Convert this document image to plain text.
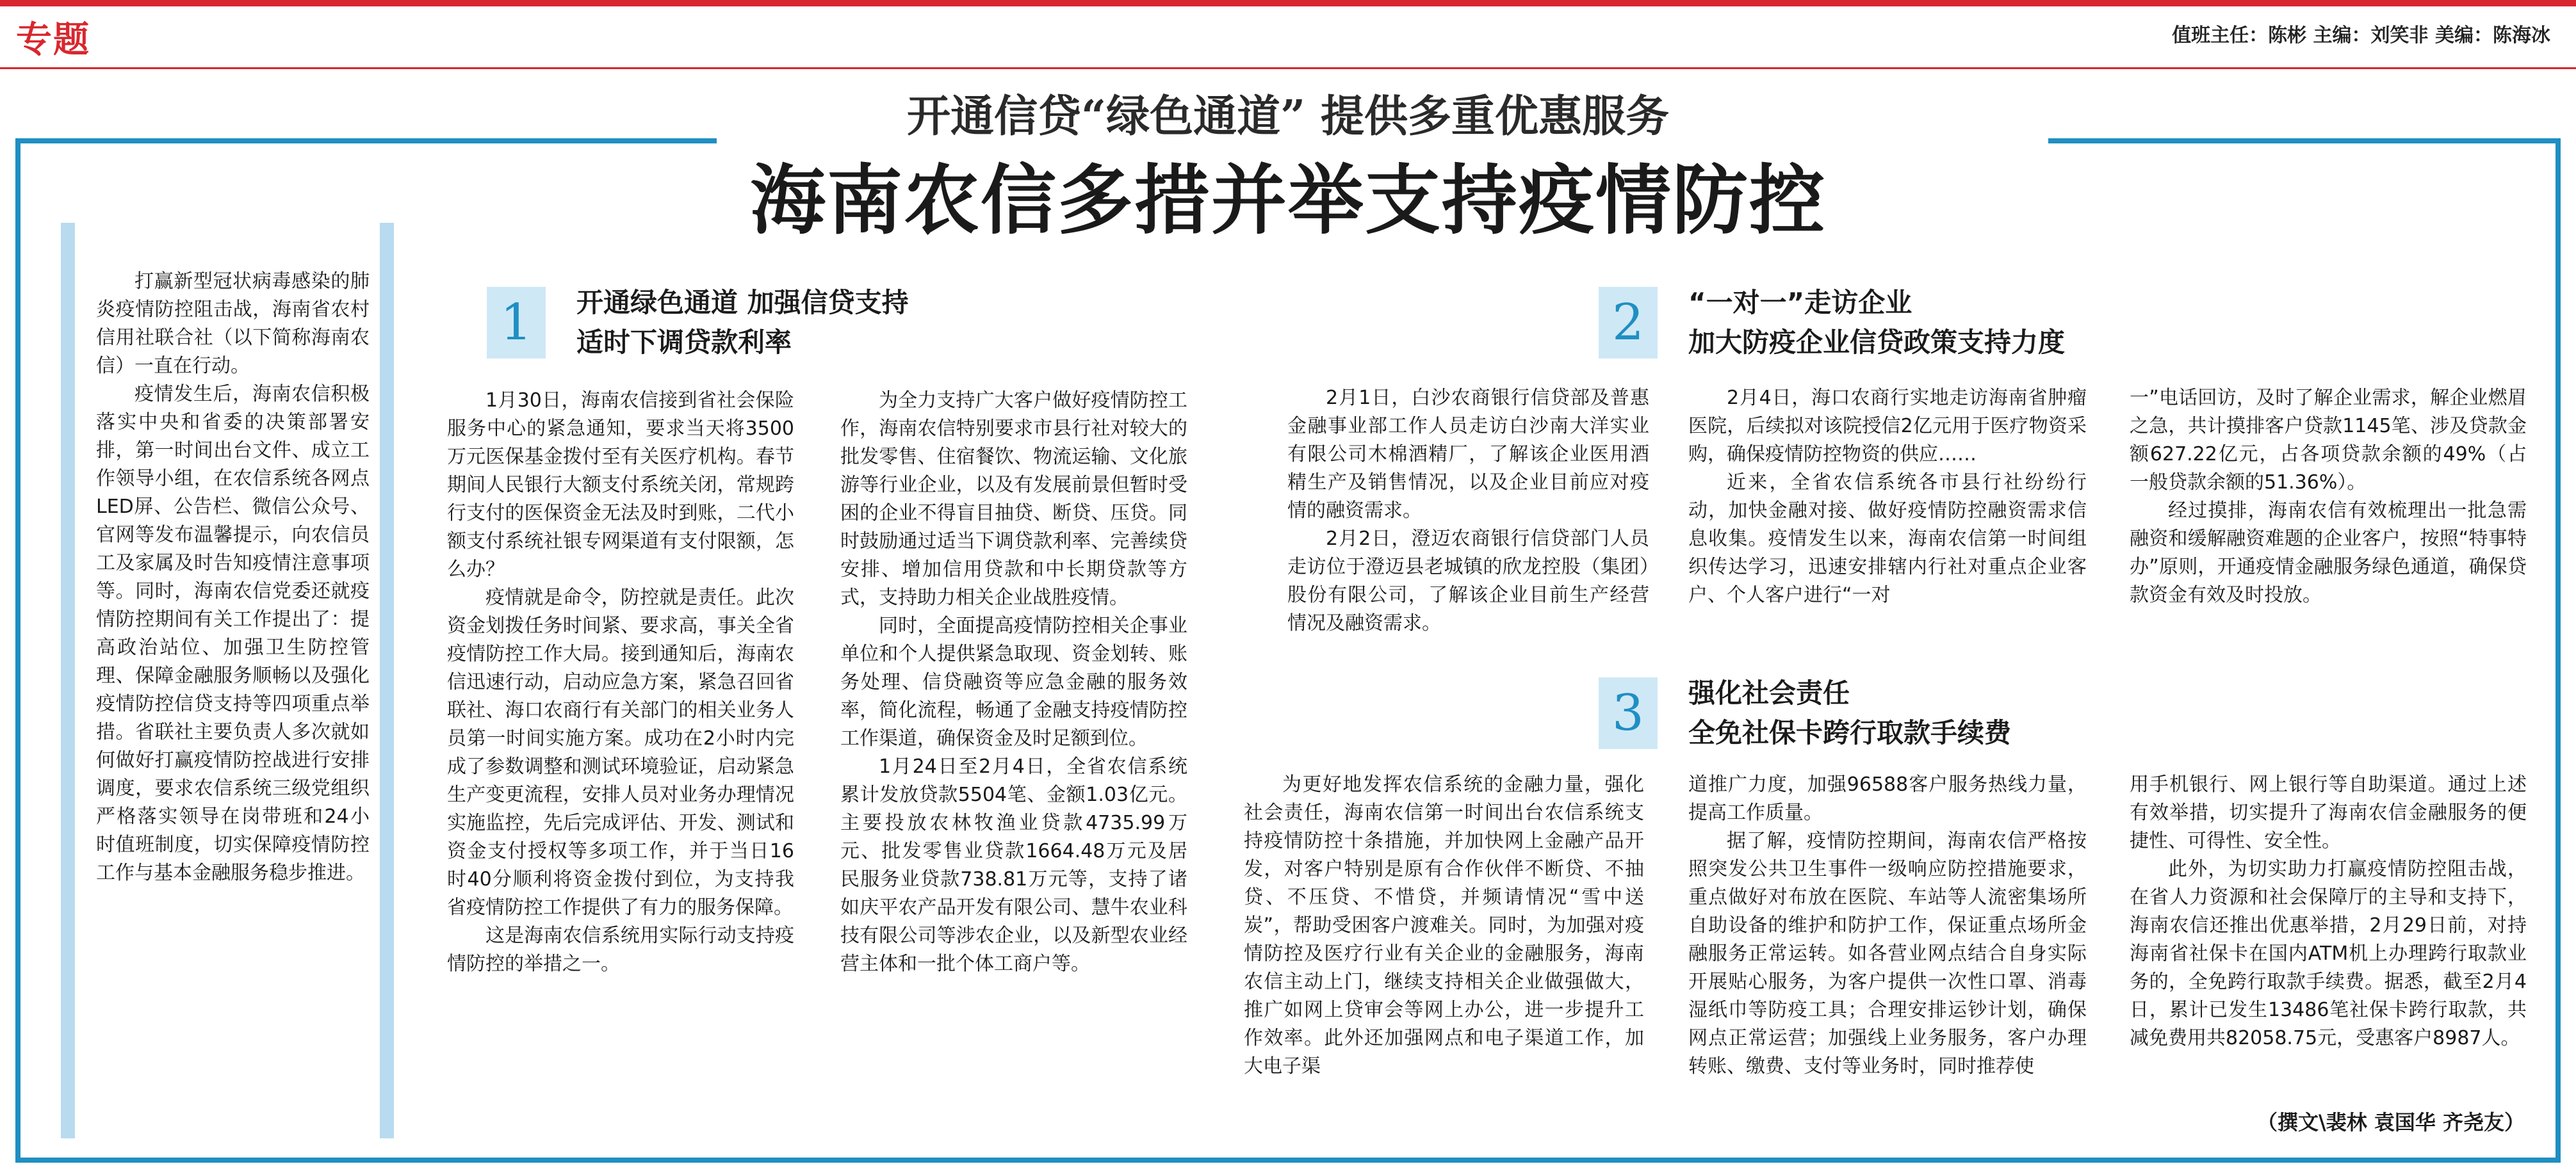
专题	值班主任：陈彬 主编：刘笑非 美编：陈海冰
开通信贷“绿色通道” 提供多重优惠服务
海南农信多措并举支持疫情防控

打赢新型冠状病毒感染的肺炎疫情防控阻击战，海南省农村信用社联合社（以下简称海南农信）一直在行动。

疫情发生后，海南农信积极落实中央和省委的决策部署安排，第一时间出台文件、成立工作领导小组，在农信系统各网点LED屏、公告栏、微信公众号、官网等发布温馨提示，向农信员工及家属及时告知疫情注意事项等。同时，海南农信党委还就疫情防控期间有关工作提出了：提高政治站位、加强卫生防控管理、保障金融服务顺畅以及强化疫情防控信贷支持等四项重点举措。省联社主要负责人多次就如何做好打赢疫情防控战进行安排调度，要求农信系统三级党组织严格落实领导在岗带班和24小时值班制度，切实保障疫情防控工作与基本金融服务稳步推进。

1	开通绿色通道 加强信贷支持
适时下调贷款利率

1月30日，海南农信接到省社会保险服务中心的紧急通知，要求当天将3500万元医保基金拨付至有关医疗机构。春节期间人民银行大额支付系统关闭，常规跨行支付的医保资金无法及时到账，二代小额支付系统社银专网渠道有支付限额，怎么办？

疫情就是命令，防控就是责任。此次资金划拨任务时间紧、要求高，事关全省疫情防控工作大局。接到通知后，海南农信迅速行动，启动应急方案，紧急召回省联社、海口农商行有关部门的相关业务人员第一时间实施方案。成功在2小时内完成了参数调整和测试环境验证，启动紧急生产变更流程，安排人员对业务办理情况实施监控，先后完成评估、开发、测试和资金支付授权等多项工作，并于当日16时40分顺利将资金拨付到位，为支持我省疫情防控工作提供了有力的服务保障。

这是海南农信系统用实际行动支持疫情防控的举措之一。

为全力支持广大客户做好疫情防控工作，海南农信特别要求市县行社对较大的批发零售、住宿餐饮、物流运输、文化旅游等行业企业，以及有发展前景但暂时受困的企业不得盲目抽贷、断贷、压贷。同时鼓励通过适当下调贷款利率、完善续贷安排、增加信用贷款和中长期贷款等方式，支持助力相关企业战胜疫情。

同时，全面提高疫情防控相关企事业单位和个人提供紧急取现、资金划转、账务处理、信贷融资等应急金融的服务效率，简化流程，畅通了金融支持疫情防控工作渠道，确保资金及时足额到位。

1月24日至2月4日，全省农信系统累计发放贷款5504笔、金额1.03亿元。主要投放农林牧渔业贷款4735.99万元、批发零售业贷款1664.48万元及居民服务业贷款738.81万元等，支持了诸如庆平农产品开发有限公司、慧牛农业科技有限公司等涉农企业，以及新型农业经营主体和一批个体工商户等。

2	“一对一”走访企业
加大防疫企业信贷政策支持力度

2月1日，白沙农商银行信贷部及普惠金融事业部工作人员走访白沙南大洋实业有限公司木棉酒精厂，了解该企业医用酒精生产及销售情况，以及企业目前应对疫情的融资需求。

2月2日，澄迈农商银行信贷部门人员走访位于澄迈县老城镇的欣龙控股（集团）股份有限公司，了解该企业目前生产经营情况及融资需求。

2月4日，海口农商行实地走访海南省肿瘤医院，后续拟对该院授信2亿元用于医疗物资采购，确保疫情防控物资的供应……

近来，全省农信系统各市县行社纷纷行动，加快金融对接、做好疫情防控融资需求信息收集。疫情发生以来，海南农信第一时间组织传达学习，迅速安排辖内行社对重点企业客户、个人客户进行“一对

一”电话回访，及时了解企业需求，解企业燃眉之急，共计摸排客户贷款1145笔、涉及贷款金额627.22亿元，占各项贷款余额的49%（占一般贷款余额的51.36%）。

经过摸排，海南农信有效梳理出一批急需融资和缓解融资难题的企业客户，按照“特事特办”原则，开通疫情金融服务绿色通道，确保贷款资金有效及时投放。

3	强化社会责任
全免社保卡跨行取款手续费

为更好地发挥农信系统的金融力量，强化社会责任，海南农信第一时间出台农信系统支持疫情防控十条措施，并加快网上金融产品开发，对客户特别是原有合作伙伴不断贷、不抽贷、不压贷、不惜贷，并频请情况“雪中送炭”，帮助受困客户渡难关。同时，为加强对疫情防控及医疗行业有关企业的金融服务，海南农信主动上门，继续支持相关企业做强做大，推广如网上贷审会等网上办公，进一步提升工作效率。此外还加强网点和电子渠道工作，加大电子渠

道推广力度，加强96588客户服务热线力量，提高工作质量。

据了解，疫情防控期间，海南农信严格按照突发公共卫生事件一级响应防控措施要求，重点做好对布放在医院、车站等人流密集场所自助设备的维护和防护工作，保证重点场所金融服务正常运转。如各营业网点结合自身实际开展贴心服务，为客户提供一次性口罩、消毒湿纸巾等防疫工具；合理安排运钞计划，确保网点正常运营；加强线上业务服务，客户办理转账、缴费、支付等业务时，同时推荐使

用手机银行、网上银行等自助渠道。通过上述有效举措，切实提升了海南农信金融服务的便捷性、可得性、安全性。

此外，为切实助力打赢疫情防控阻击战，在省人力资源和社会保障厅的主导和支持下，海南农信还推出优惠举措，2月29日前，对持海南省社保卡在国内ATM机上办理跨行取款业务的，全免跨行取款手续费。据悉，截至2月4日，累计已发生13486笔社保卡跨行取款，共减免费用共82058.75元，受惠客户8987人。

（撰文\裴林 袁国华 齐尧友）
